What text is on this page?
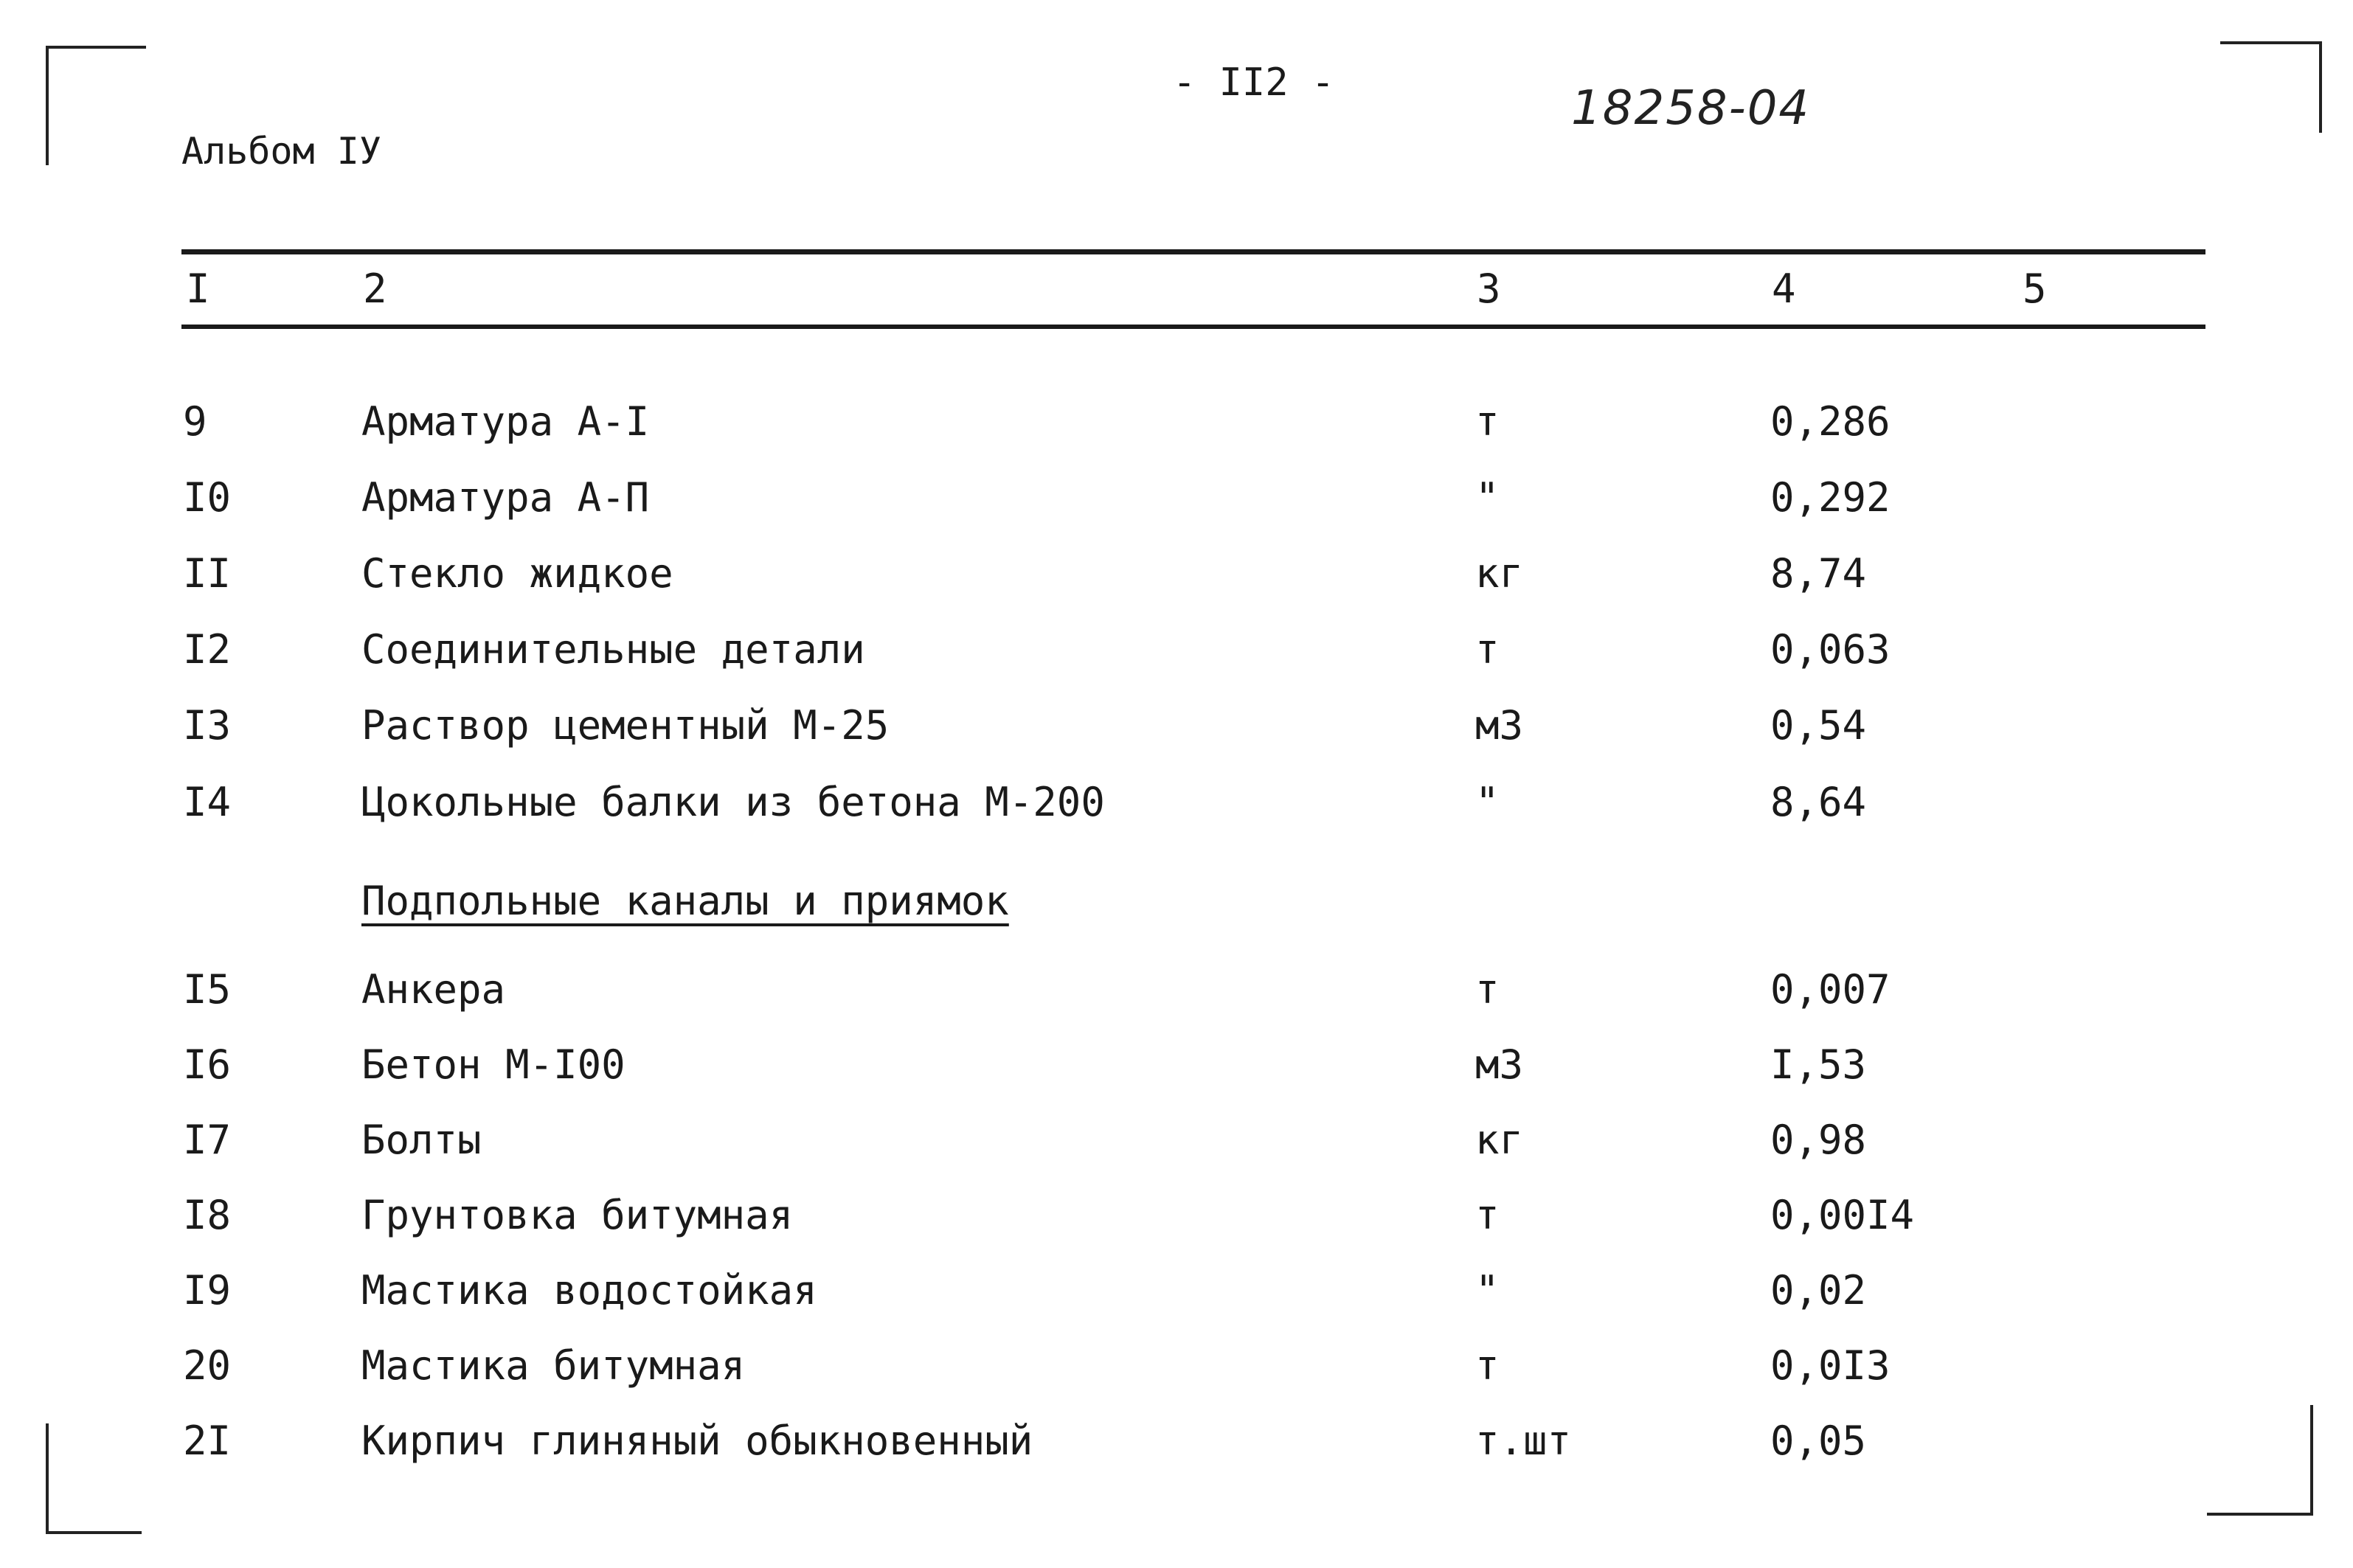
Альбом IУ
- II2 -	18258-04
I	2	3	4	5
9	Арматура А-I	т	0,286
I0	Арматура А-П	"	0,292
II	Стекло жидкое	кг	8,74
I2	Соединительные детали	т	0,063
I3	Раствор цементный М-25	м3	0,54
I4	Цокольные балки из бетона М-200	"	8,64
Подпольные каналы и приямок
I5	Анкера	т	0,007
I6	Бетон М-I00	м3	I,53
I7	Болты	кг	0,98
I8	Грунтовка битумная	т	0,00I4
I9	Мастика водостойкая	"	0,02
20	Мастика битумная	т	0,0I3
2I	Кирпич глиняный обыкновенный	т.шт	0,05
